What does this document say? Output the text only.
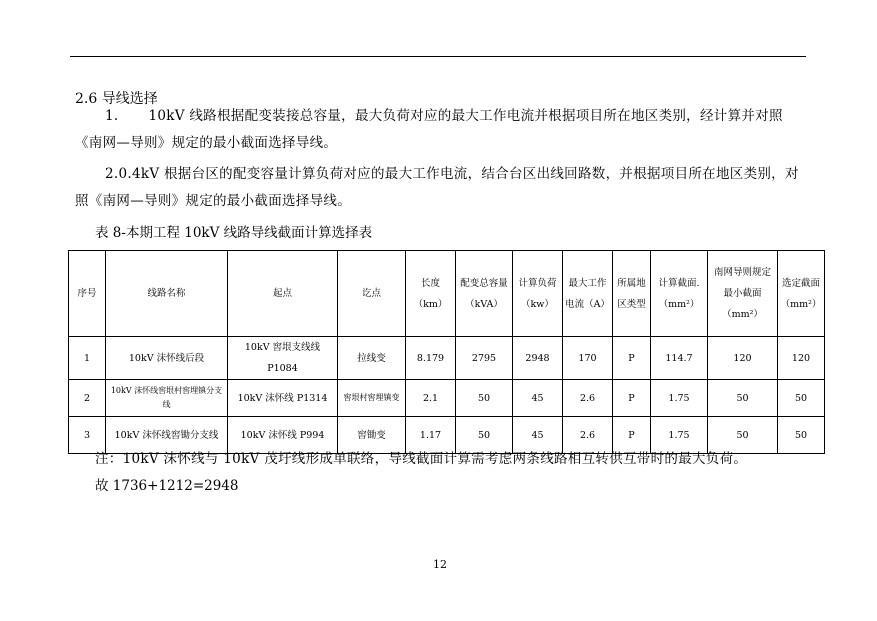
2.6 导线选择
1. 10kV 线路根据配变装接总容量，最大负荷对应的最大工作电流并根据项目所在地区类别，经计算并对照《南网—导则》规定的最小截面选择导线。
2.0.4kV 根据台区的配变容量计算负荷对应的最大工作电流，结合台区出线回路数，并根据项目所在地区类别，对照《南网—导则》规定的最小截面选择导线。
表 8-本期工程 10kV 线路导线截面计算选择表
序号	线路名称	起点	讫点	长度（km）	配变总容量（kVA）	计算负荷（kw）	最大工作电流（A）	所属地区类型	计算截面.（mm²）	南网导则规定最小截面（mm²）	选定截面（mm²）
1	10kV 沫怀线后段	10kV 窖垠支线线 P1084	拉线变	8.179	2795	2948	170	P	114.7	120	120
2	10kV 沫怀线窖垠村窖埋镇分支线	10kV 沫怀线 P1314	窖垠村窖埋镇变	2.1	50	45	2.6	P	1.75	50	50
3	10kV 沫怀线窖锄分支线	10kV 沫怀线 P994	窖锄变	1.17	50	45	2.6	P	1.75	50	50
注：10kV 沫怀线与 10kV 茂圩线形成单联络，导线截面计算需考虑两条线路相互转供互带时的最大负荷。
故 1736+1212=2948
12
